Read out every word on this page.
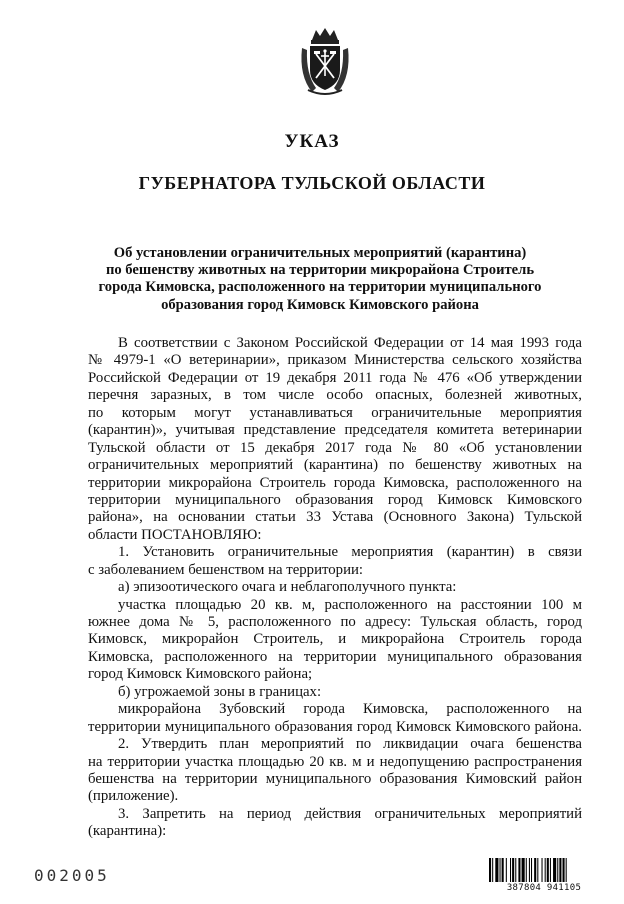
УКАЗ
ГУБЕРНАТОРА ТУЛЬСКОЙ ОБЛАСТИ
Об установлении ограничительных мероприятий (карантина)
по бешенству животных на территории микрорайона Строитель
города Кимовска, расположенного на территории муниципального
образования город Кимовск Кимовского района
В соответствии с Законом Российской Федерации от 14 мая 1993 года
№ 4979-1 «О ветеринарии», приказом Министерства сельского хозяйства
Российской Федерации от 19 декабря 2011 года № 476 «Об утверждении
перечня заразных, в том числе особо опасных, болезней животных,
по которым могут устанавливаться ограничительные мероприятия
(карантин)», учитывая представление председателя комитета ветеринарии
Тульской области от 15 декабря 2017 года № 80 «Об установлении
ограничительных мероприятий (карантина) по бешенству животных на
территории микрорайона Строитель города Кимовска, расположенного на
территории муниципального образования город Кимовск Кимовского
района», на основании статьи 33 Устава (Основного Закона) Тульской
области ПОСТАНОВЛЯЮ:
1. Установить ограничительные мероприятия (карантин) в связи
с заболеванием бешенством на территории:
а) эпизоотического очага и неблагополучного пункта:
участка площадью 20 кв. м, расположенного на расстоянии 100 м
южнее дома № 5, расположенного по адресу: Тульская область, город
Кимовск, микрорайон Строитель, и микрорайона Строитель города
Кимовска, расположенного на территории муниципального образования
город Кимовск Кимовского района;
б) угрожаемой зоны в границах:
микрорайона Зубовский города Кимовска, расположенного на
территории муниципального образования город Кимовск Кимовского района.
2. Утвердить план мероприятий по ликвидации очага бешенства
на территории участка площадью 20 кв. м и недопущению распространения
бешенства на территории муниципального образования Кимовский район
(приложение).
3. Запретить на период действия ограничительных мероприятий
(карантина):
002005
387804 941105
